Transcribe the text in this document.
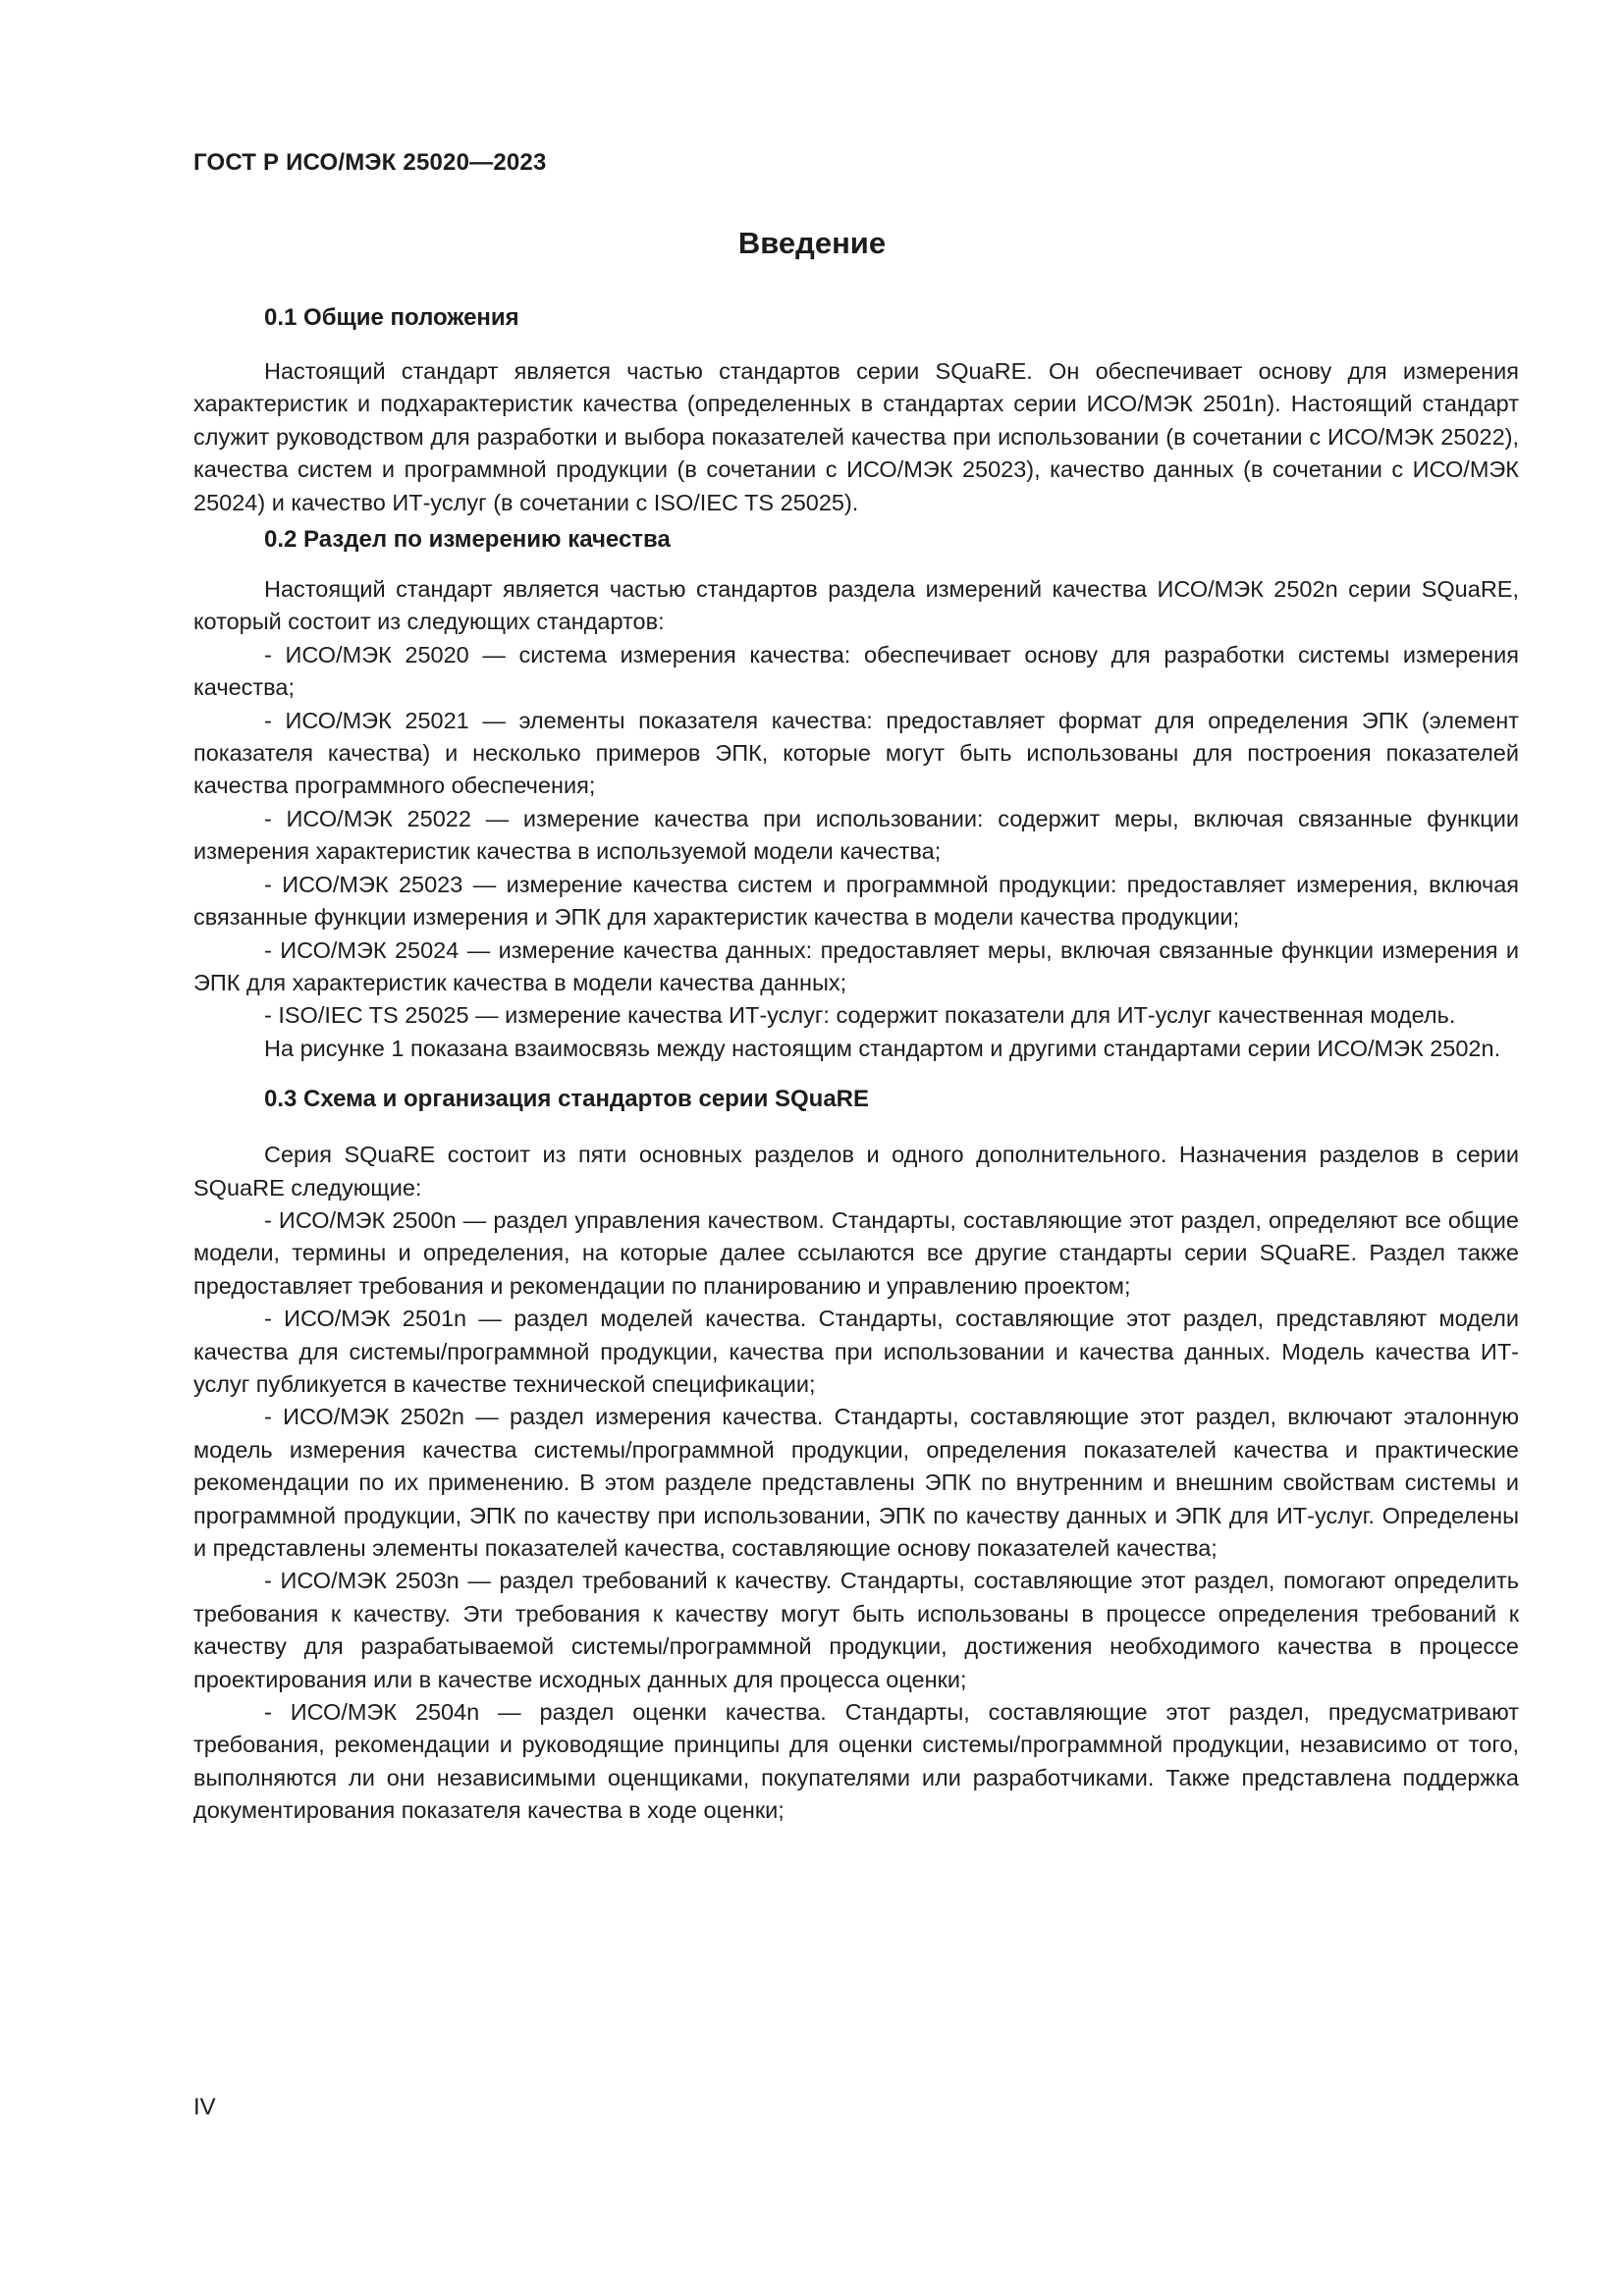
ГОСТ Р ИСО/МЭК 25020—2023
Введение
0.1 Общие положения

Настоящий стандарт является частью стандартов серии SQuaRE. Он обеспечивает основу для измерения характеристик и подхарактеристик качества (определенных в стандартах серии ИСО/МЭК 2501n). Настоящий стандарт служит руководством для разработки и выбора показателей качества при использовании (в сочетании с ИСО/МЭК 25022), качества систем и программной продукции (в сочетании с ИСО/МЭК 25023), качество данных (в сочетании с ИСО/МЭК 25024) и качество ИТ-услуг (в сочетании с ISO/IEC TS 25025).

0.2 Раздел по измерению качества

Настоящий стандарт является частью стандартов раздела измерений качества ИСО/МЭК 2502n серии SQuaRE, который состоит из следующих стандартов:

- ИСО/МЭК 25020 — система измерения качества: обеспечивает основу для разработки системы измерения качества;

- ИСО/МЭК 25021 — элементы показателя качества: предоставляет формат для определения ЭПК (элемент показателя качества) и несколько примеров ЭПК, которые могут быть использованы для построения показателей качества программного обеспечения;

- ИСО/МЭК 25022 — измерение качества при использовании: содержит меры, включая связанные функции измерения характеристик качества в используемой модели качества;

- ИСО/МЭК 25023 — измерение качества систем и программной продукции: предоставляет измерения, включая связанные функции измерения и ЭПК для характеристик качества в модели качества продукции;

- ИСО/МЭК 25024 — измерение качества данных: предоставляет меры, включая связанные функции измерения и ЭПК для характеристик качества в модели качества данных;

- ISO/IEC TS 25025 — измерение качества ИТ-услуг: содержит показатели для ИТ-услуг качественная модель.

На рисунке 1 показана взаимосвязь между настоящим стандартом и другими стандартами серии ИСО/МЭК 2502n.

0.3 Схема и организация стандартов серии SQuaRE

Серия SQuaRE состоит из пяти основных разделов и одного дополнительного. Назначения разделов в серии SQuaRE следующие:

- ИСО/МЭК 2500n — раздел управления качеством. Стандарты, составляющие этот раздел, определяют все общие модели, термины и определения, на которые далее ссылаются все другие стандарты серии SQuaRE. Раздел также предоставляет требования и рекомендации по планированию и управлению проектом;

- ИСО/МЭК 2501n — раздел моделей качества. Стандарты, составляющие этот раздел, представляют модели качества для системы/программной продукции, качества при использовании и качества данных. Модель качества ИТ-услуг публикуется в качестве технической спецификации;

- ИСО/МЭК 2502n — раздел измерения качества. Стандарты, составляющие этот раздел, включают эталонную модель измерения качества системы/программной продукции, определения показателей качества и практические рекомендации по их применению. В этом разделе представлены ЭПК по внутренним и внешним свойствам системы и программной продукции, ЭПК по качеству при использовании, ЭПК по качеству данных и ЭПК для ИТ-услуг. Определены и представлены элементы показателей качества, составляющие основу показателей качества;

- ИСО/МЭК 2503n — раздел требований к качеству. Стандарты, составляющие этот раздел, помогают определить требования к качеству. Эти требования к качеству могут быть использованы в процессе определения требований к качеству для разрабатываемой системы/программной продукции, достижения необходимого качества в процессе проектирования или в качестве исходных данных для процесса оценки;

- ИСО/МЭК 2504n — раздел оценки качества. Стандарты, составляющие этот раздел, предусматривают требования, рекомендации и руководящие принципы для оценки системы/программной продукции, независимо от того, выполняются ли они независимыми оценщиками, покупателями или разработчиками. Также представлена поддержка документирования показателя качества в ходе оценки;

IV
